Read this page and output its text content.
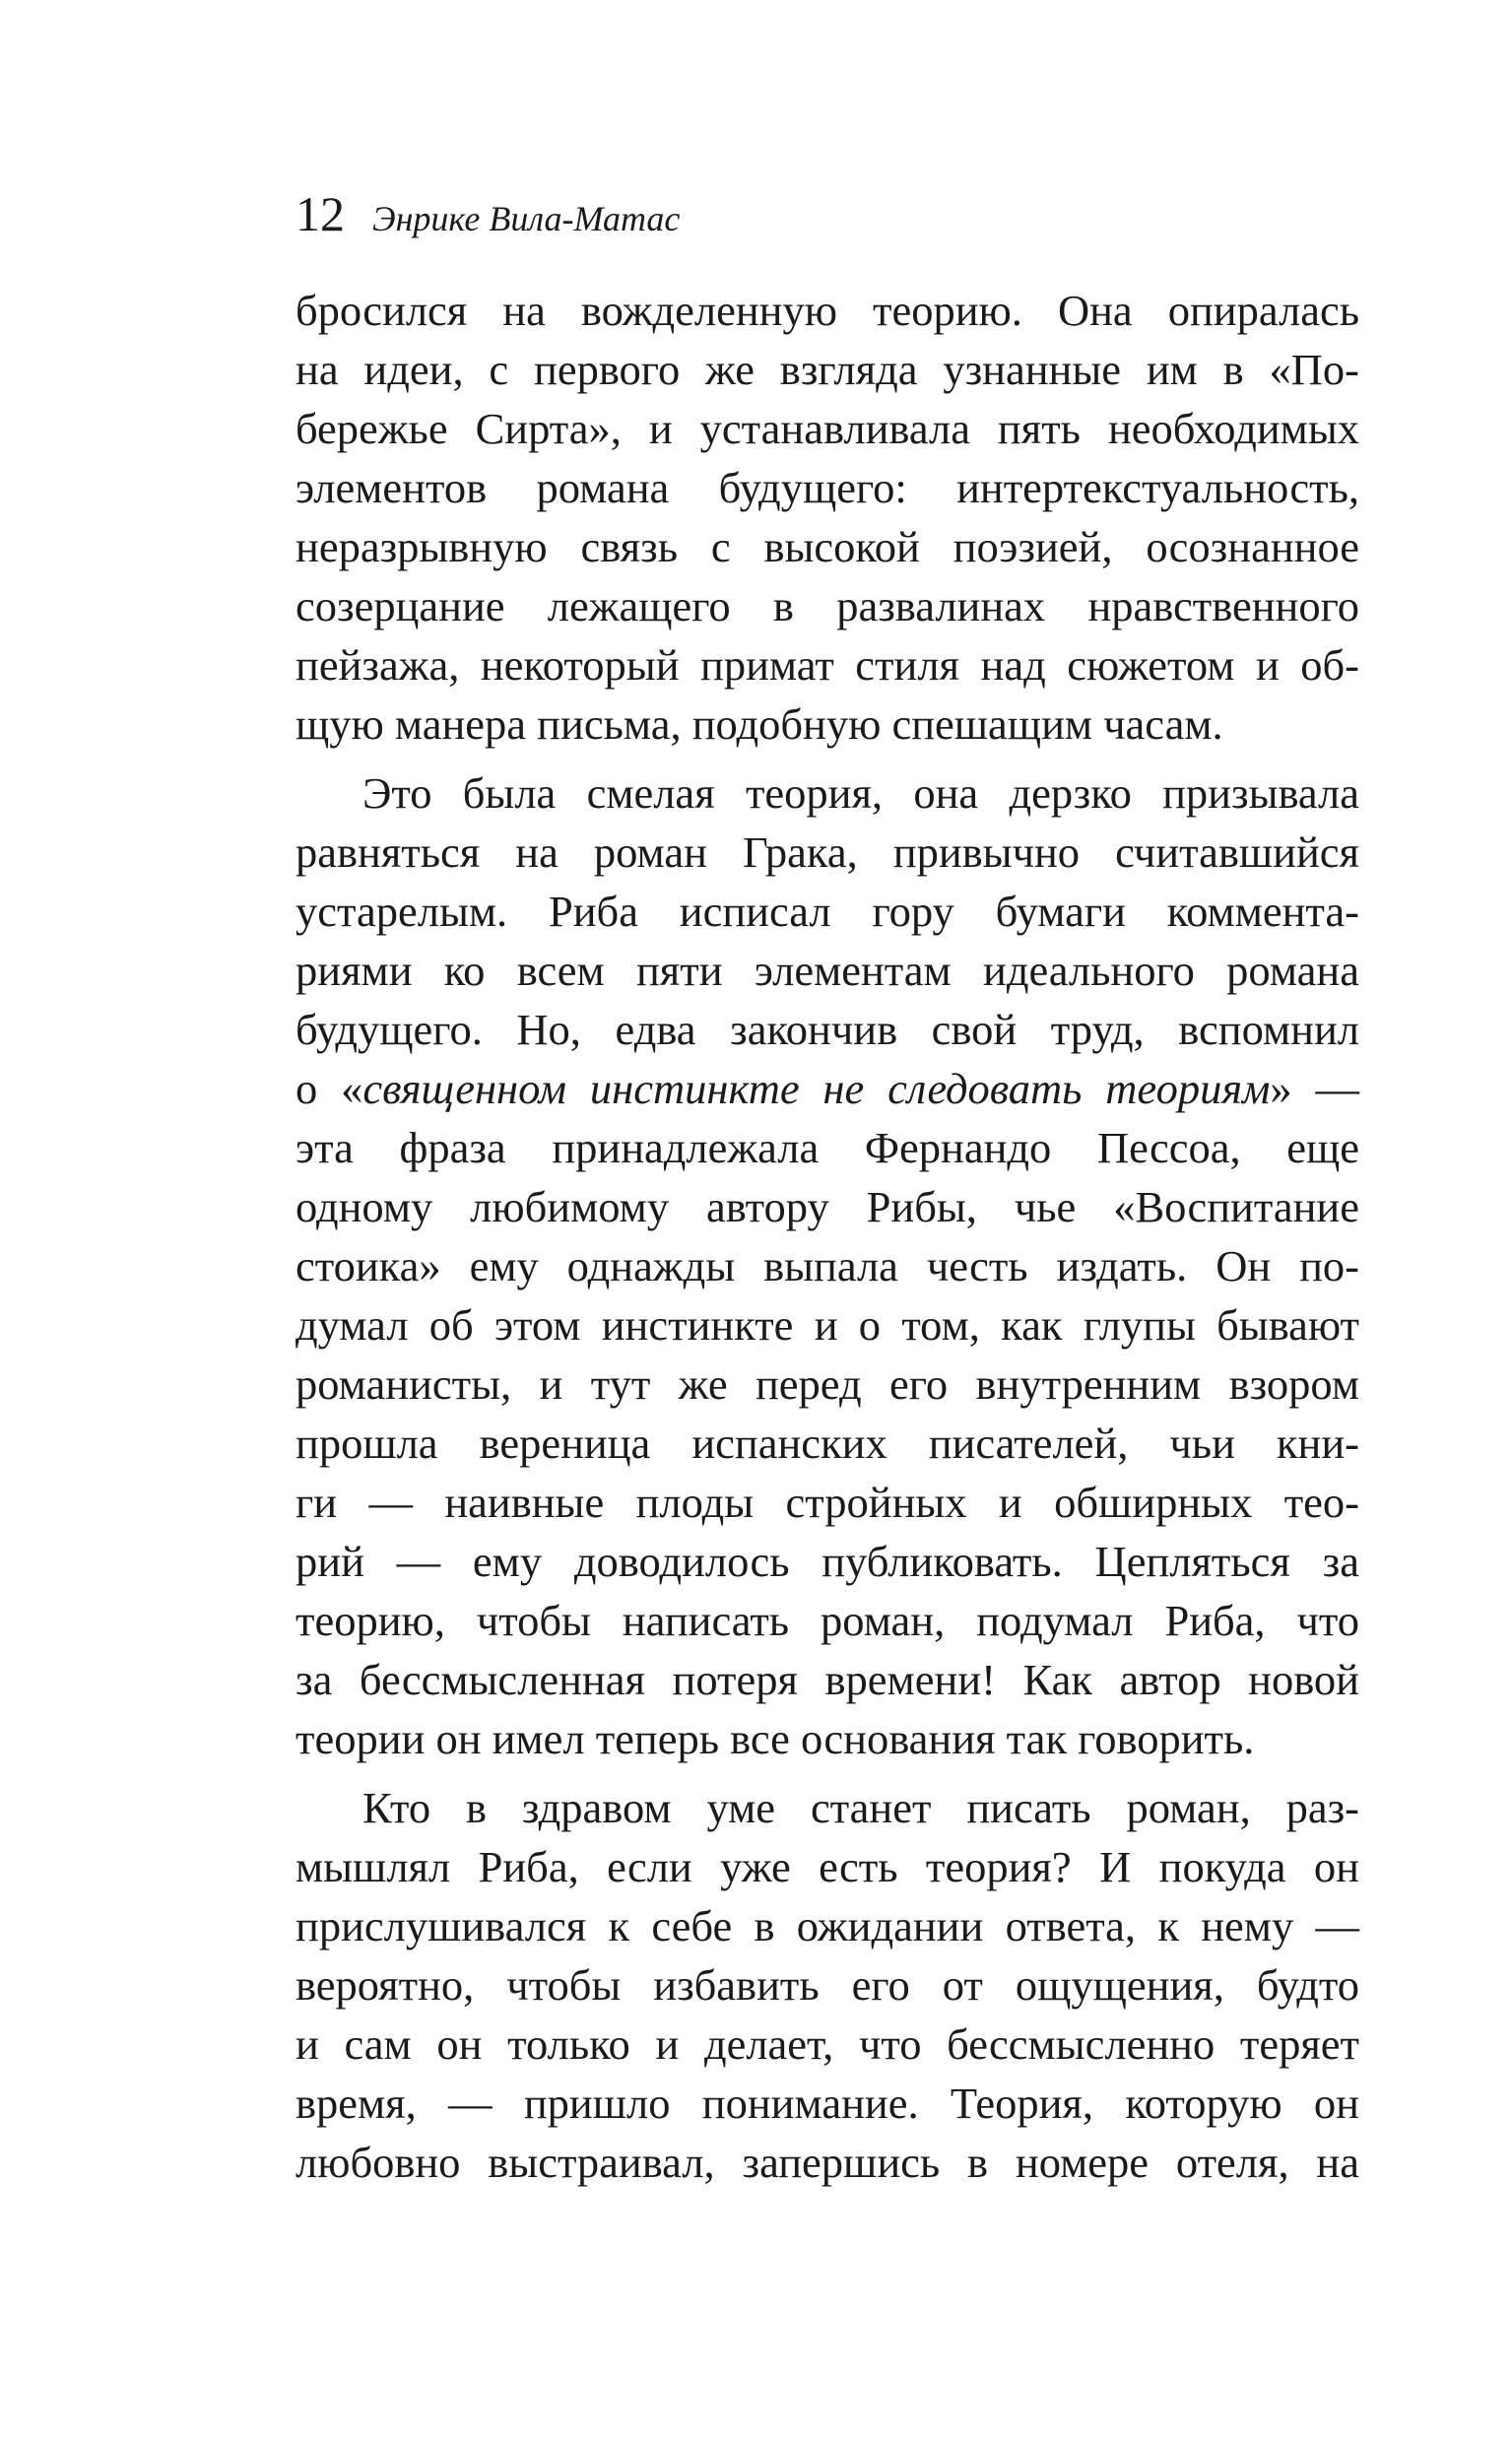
12 Энрике Вила-Матас
бросился на вожделенную теорию. Она опиралась
на идеи, с первого же взгляда узнанные им в «По-
бережье Сирта», и устанавливала пять необходимых
элементов романа будущего: интертекстуальность,
неразрывную связь с высокой поэзией, осознанное
созерцание лежащего в развалинах нравственного
пейзажа, некоторый примат стиля над сюжетом и об-
щую манера письма, подобную спешащим часам.
Это была смелая теория, она дерзко призывала
равняться на роман Грака, привычно считавшийся
устарелым. Риба исписал гору бумаги коммента-
риями ко всем пяти элементам идеального романа
будущего. Но, едва закончив свой труд, вспомнил
о «священном инстинкте не следовать теориям» —
эта фраза принадлежала Фернандо Пессоа, еще
одному любимому автору Рибы, чье «Воспитание
стоика» ему однажды выпала честь издать. Он по-
думал об этом инстинкте и о том, как глупы бывают
романисты, и тут же перед его внутренним взором
прошла вереница испанских писателей, чьи кни-
ги — наивные плоды стройных и обширных тео-
рий — ему доводилось публиковать. Цепляться за
теорию, чтобы написать роман, подумал Риба, что
за бессмысленная потеря времени! Как автор новой
теории он имел теперь все основания так говорить.
Кто в здравом уме станет писать роман, раз-
мышлял Риба, если уже есть теория? И покуда он
прислушивался к себе в ожидании ответа, к нему —
вероятно, чтобы избавить его от ощущения, будто
и сам он только и делает, что бессмысленно теряет
время, — пришло понимание. Теория, которую он
любовно выстраивал, запершись в номере отеля, на
